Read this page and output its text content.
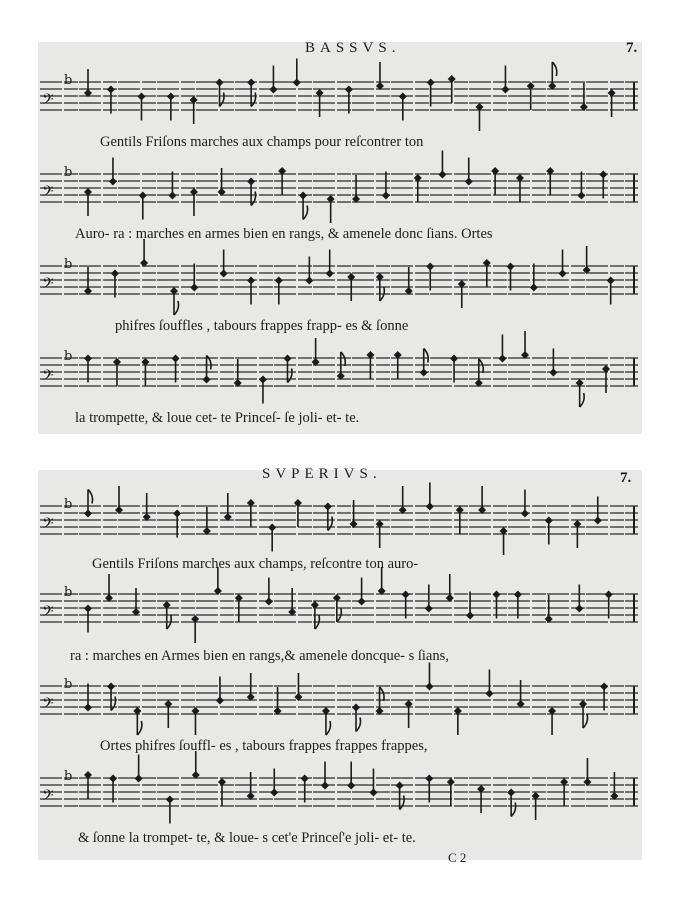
BASSVS.	7.
𝄢
b
Gentils Friſons marches aux champs pour reſcontrer ton
𝄢
b
Auro- ra : marches en armes bien en rangs, & amenele donc ſians. Ortes
𝄢
b
phifres ſouffles , tabours frappes frapp- es & ſonne
𝄢
b
la trompette, & loue cet- te Princeſ- ſe joli- et- te.
SVPERIVS.	7.
𝄢
b
Gentils Friſons marches aux champs, reſcontre ton auro-
𝄢
b
ra : marches en Armes bien en rangs,& amenele doncque- s ſians,
𝄢
b
Ortes phifres ſouffl- es , tabours frappes frappes frappes,
𝄢
b
& ſonne la trompet- te, & loue- s cet'e Princeſ'e joli- et- te.
C 2
